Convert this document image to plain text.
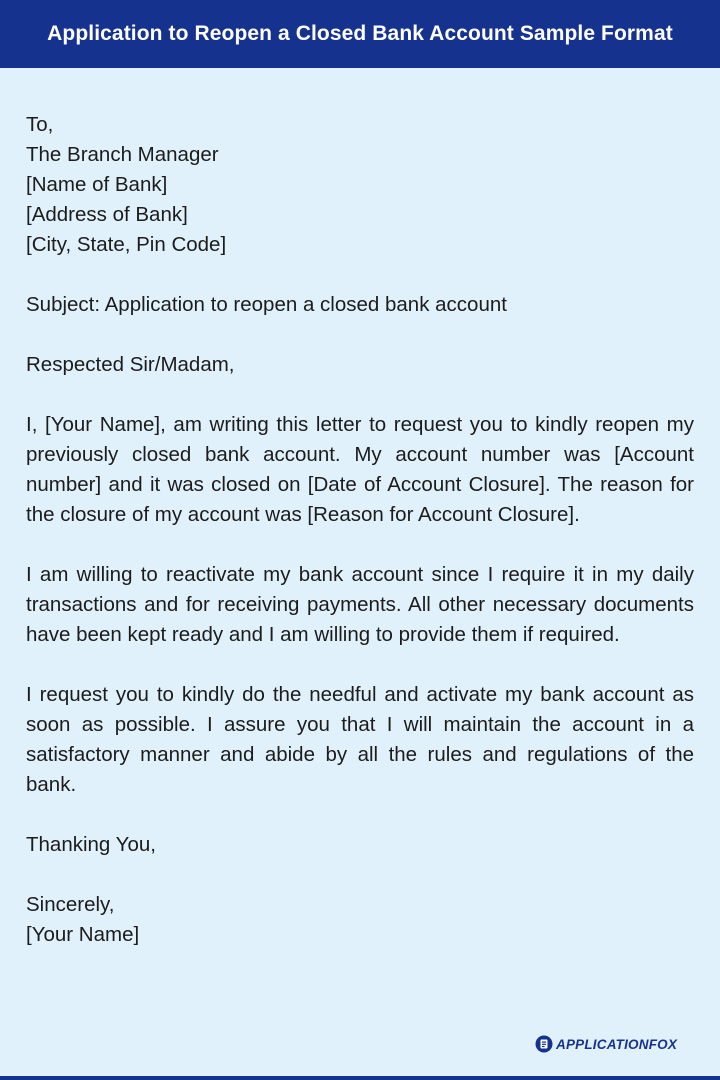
Application to Reopen a Closed Bank Account Sample Format
To,
The Branch Manager
[Name of Bank]
[Address of Bank]
[City, State, Pin Code]
Subject: Application to reopen a closed bank account
Respected Sir/Madam,
I, [Your Name], am writing this letter to request you to kindly reopen my previously closed bank account. My account number was [Account number] and it was closed on [Date of Account Closure]. The reason for the closure of my account was [Reason for Account Closure].
I am willing to reactivate my bank account since I require it in my daily transactions and for receiving payments. All other necessary documents have been kept ready and I am willing to provide them if required.
I request you to kindly do the needful and activate my bank account as soon as possible. I assure you that I will maintain the account in a satisfactory manner and abide by all the rules and regulations of the bank.
Thanking You,
Sincerely,
[Your Name]
APPLICATIONFOX
